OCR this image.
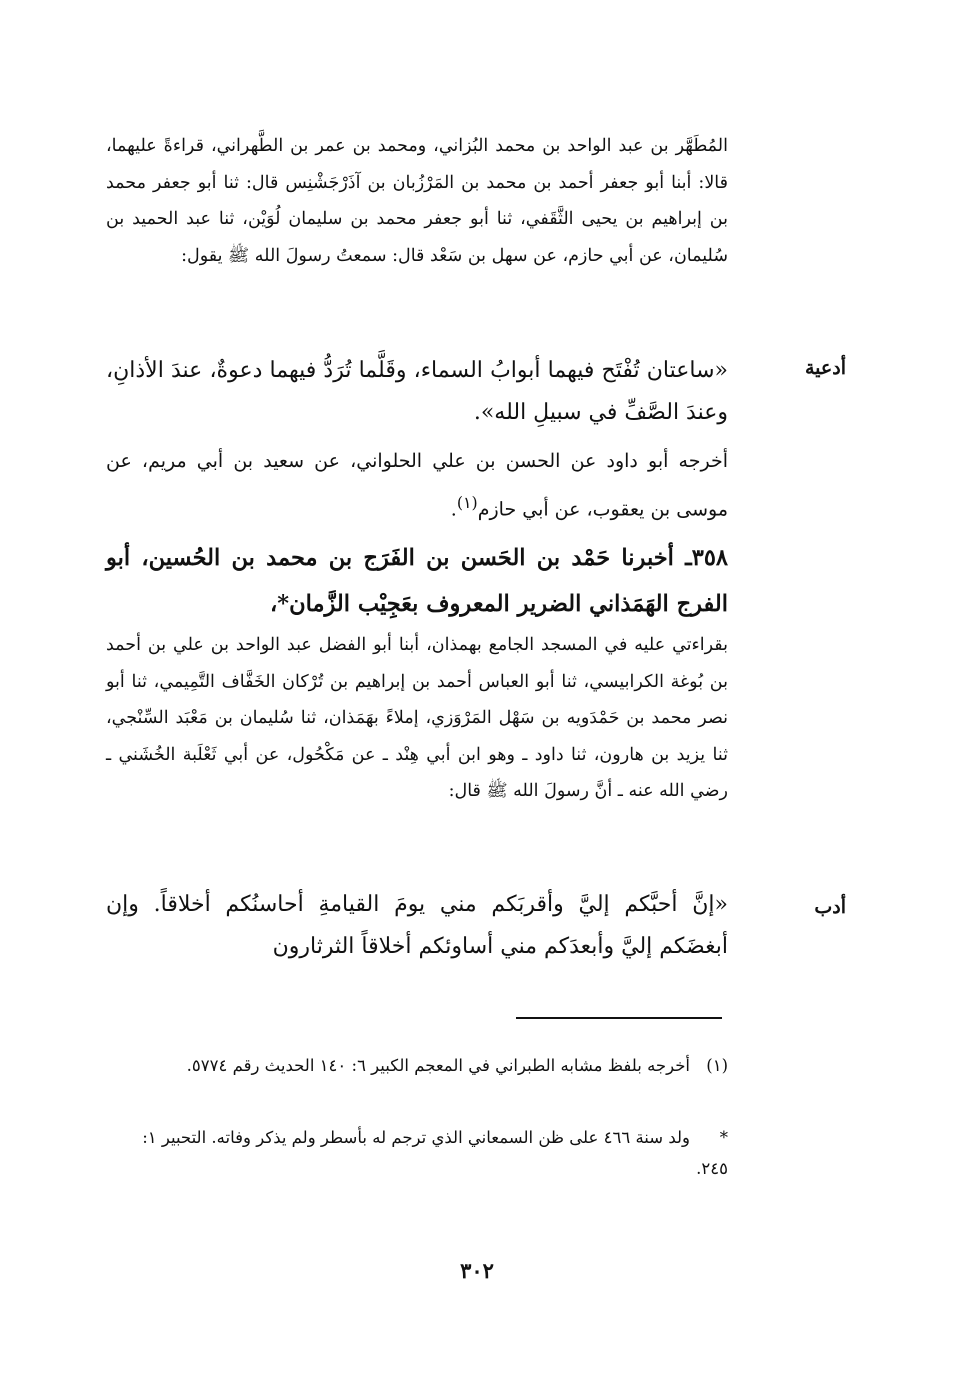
المُطَهَّر بن عبد الواحد بن محمد البُزاني، ومحمد بن عمر بن الطَّهراني، قراءةً عليهما، قالا: أبنا أبو جعفر أحمد بن محمد بن المَرْزُبان بن آذَرْجَشْنِس قال: ثنا أبو جعفر محمد بن إبراهيم بن يحيى الثَّقَفي، ثنا أبو جعفر محمد بن سليمان لُوَيْن، ثنا عبد الحميد بن سُليمان، عن أبي حازم، عن سهل بن سَعْد قال: سمعتُ رسولَ الله ﷺ يقول:

أدعية

«ساعتان تُفْتَح فيهما أبوابُ السماء، وقَلَّما تُرَدُّ فيهما دعوةٌ، عندَ الأذانِ، وعندَ الصَّفِّ في سبيلِ الله».

أخرجه أبو داود عن الحسن بن علي الحلواني، عن سعيد بن أبي مريم، عن موسى بن يعقوب، عن أبي حازم$^{(١)}$.

٣٥٨ـ أخبرنا حَمْد بن الحَسن بن الفَرَج بن محمد بن الحُسين، أبو الفرج الهَمَذاني الضرير المعروف بعَجِيْب الزَّمان*،

بقراءتي عليه في المسجد الجامع بهمذان، أبنا أبو الفضل عبد الواحد بن علي بن أحمد بن بُوغة الكرابيسي، ثنا أبو العباس أحمد بن إبراهيم بن تُرْكان الخَفَّاف التَّمِيمي، ثنا أبو نصر محمد بن حَمْدَويه بن سَهْل المَرْوَزي، إملاءً بهَمَذان، ثنا سُليمان بن مَعْبَد السِّنْجي، ثنا يزيد بن هارون، ثنا داود ـ وهو ابن أبي هِنْد ـ عن مَكْحُول، عن أبي ثَعْلَبة الخُشَني ـ رضي الله عنه ـ أنَّ رسولَ الله ﷺ قال:

أدب

«إنَّ أحبَّكم إليَّ وأقربَكم مني يومَ القيامةِ أحاسنُكم أخلاقاً. وإن أبغضَكم إليَّ وأبعدَكم مني أساوئكم أخلاقاً الثرثارون

(١)أخرجه بلفظ مشابه الطبراني في المعجم الكبير ٦: ١٤٠ الحديث رقم ٥٧٧٤.
*ولد سنة ٤٦٦ على ظن السمعاني الذي ترجم له بأسطر ولم يذكر وفاته. التحبير ١: ٢٤٥.
٣٠٢
